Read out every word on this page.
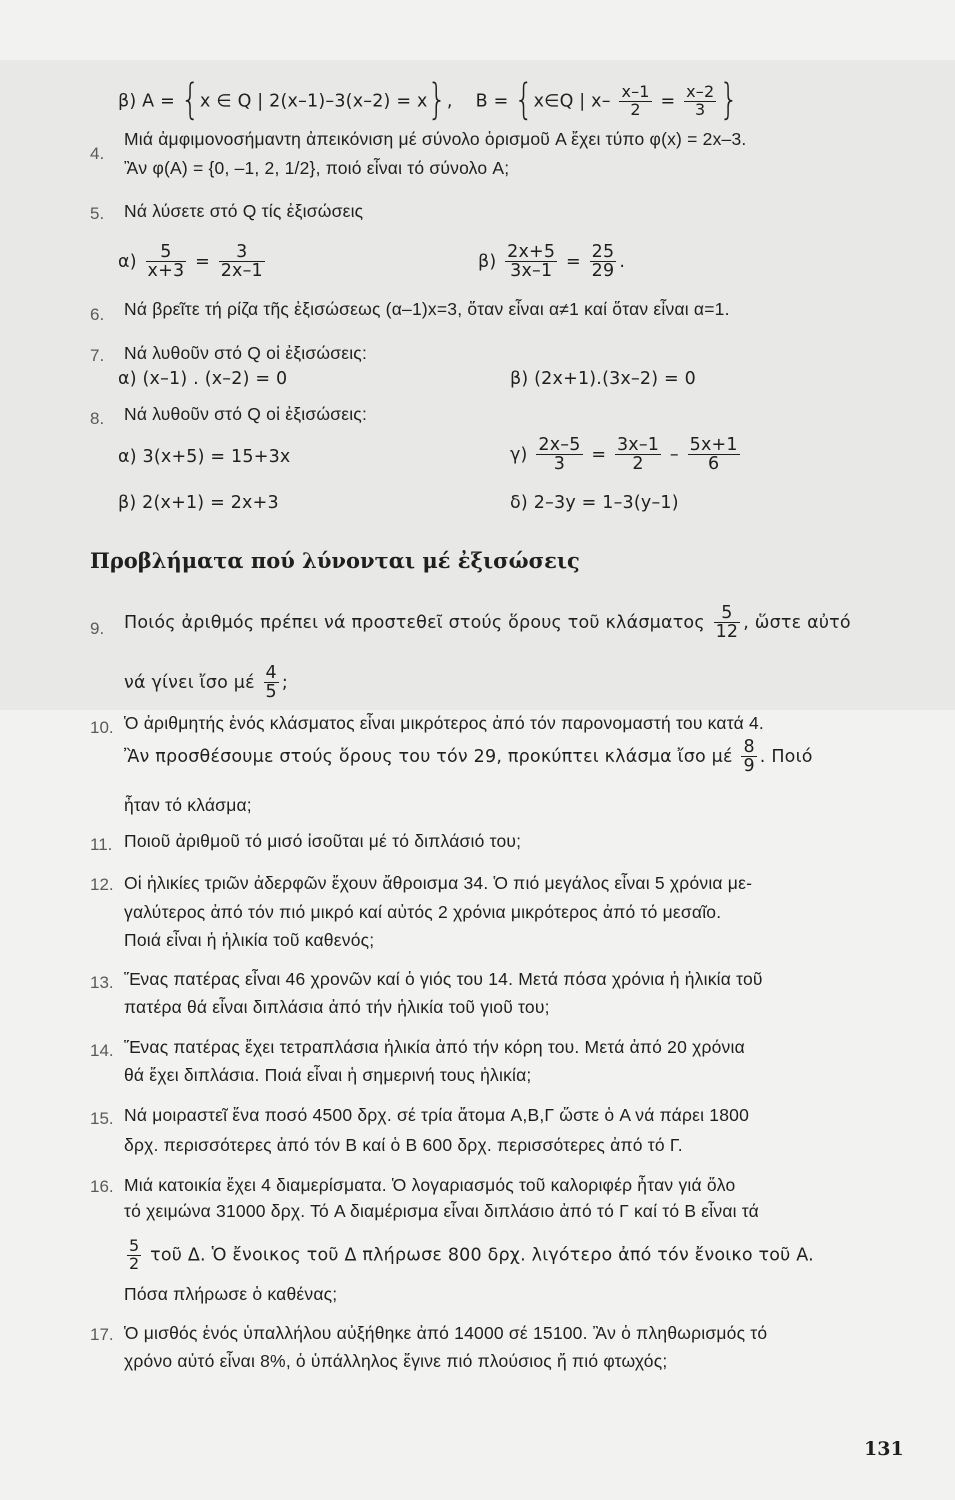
β) A = {x ∈ Q | 2(x–1)–3(x–2) = x}, B = {x∈Q | $x- \frac{x-1}{2} = \frac{x-2}{3}$ }
4.
Μιά ἀμφιμονοσήμαντη ἀπεικόνιση μέ σύνολο ὁρισμοῦ A ἔχει τύπο φ(x) = 2x–3.
Ἂν φ(A) = {0, –1, 2, 1/2}, ποιό εἶναι τό σύνολο A;
5. Νά λύσετε στό Q τίς ἐξισώσεις
$\alpha) \frac{5}{x+3} = \frac{3}{2x-1}$	$\beta) \frac{2x+5}{3x-1} = \frac{25}{29}$ .
6. Νά βρεῖτε τή ρίζα τῆς ἐξισώσεως (α–1)x=3, ὅταν εἶναι α≠1 καί ὅταν εἶναι α=1.
7. Νά λυθοῦν στό Q οἱ ἐξισώσεις:
α) (x–1) . (x–2) = 0	β) (2x+1).(3x–2) = 0
8. Νά λυθοῦν στό Q οἱ ἐξισώσεις:
α) 3(x+5) = 15+3x	$\gamma) \frac{2x-5}{3} = \frac{3x-1}{2} - \frac{5x+1}{6}$
β) 2(x+1) = 2x+3	δ) 2–3y = 1–3(y–1)
Προβλήματα πού λύνονται μέ ἐξισώσεις
9. Ποιός ἀριθμός πρέπει νά προστεθεῖ στούς ὅρους τοῦ κλάσματος $\frac{5}{12}$ , ὥστε αὐτό
νά γίνει ἴσο μέ $\frac{4}{5}$ ;
10. Ὁ ἀριθμητής ἑνός κλάσματος εἶναι μικρότερος ἀπό τόν παρονομαστή του κατά 4.
Ἂν προσθέσουμε στούς ὅρους του τόν 29, προκύπτει κλάσμα ἴσο μέ $\frac{8}{9}$ . Ποιό
ἦταν τό κλάσμα;
11. Ποιοῦ ἀριθμοῦ τό μισό ἰσοῦται μέ τό διπλάσιό του;
12. Οἱ ἡλικίες τριῶν ἀδερφῶν ἔχουν ἄθροισμα 34. Ὁ πιό μεγάλος εἶναι 5 χρόνια με-
γαλύτερος ἀπό τόν πιό μικρό καί αὐτός 2 χρόνια μικρότερος ἀπό τό μεσαῖο.
Ποιά εἶναι ἡ ἡλικία τοῦ καθενός;
13. Ἕνας πατέρας εἶναι 46 χρονῶν καί ὁ γιός του 14. Μετά πόσα χρόνια ἡ ἡλικία τοῦ
πατέρα θά εἶναι διπλάσια ἀπό τήν ἡλικία τοῦ γιοῦ του;
14. Ἕνας πατέρας ἔχει τετραπλάσια ἡλικία ἀπό τήν κόρη του. Μετά ἀπό 20 χρόνια
θά ἔχει διπλάσια. Ποιά εἶναι ἡ σημερινή τους ἡλικία;
15. Νά μοιραστεῖ ἕνα ποσό 4500 δρχ. σέ τρία ἄτομα A,B,Γ ὥστε ὁ A νά πάρει 1800
δρχ. περισσότερες ἀπό τόν B καί ὁ B 600 δρχ. περισσότερες ἀπό τό Γ.
16. Μιά κατοικία ἔχει 4 διαμερίσματα. Ὁ λογαριασμός τοῦ καλοριφέρ ἦταν γιά ὅλο
τό χειμώνα 31000 δρχ. Τό A διαμέρισμα εἶναι διπλάσιο ἀπό τό Γ καί τό B εἶναι τά
$\frac{5}{2}$ τοῦ Δ. Ὁ ἔνοικος τοῦ Δ πλήρωσε 800 δρχ. λιγότερο ἀπό τόν ἔνοικο τοῦ A.
Πόσα πλήρωσε ὁ καθένας;
17. Ὁ μισθός ἑνός ὑπαλλήλου αὐξήθηκε ἀπό 14000 σέ 15100. Ἂν ὁ πληθωρισμός τό
χρόνο αὐτό εἶναι 8%, ὁ ὑπάλληλος ἔγινε πιό πλούσιος ἤ πιό φτωχός;
131
